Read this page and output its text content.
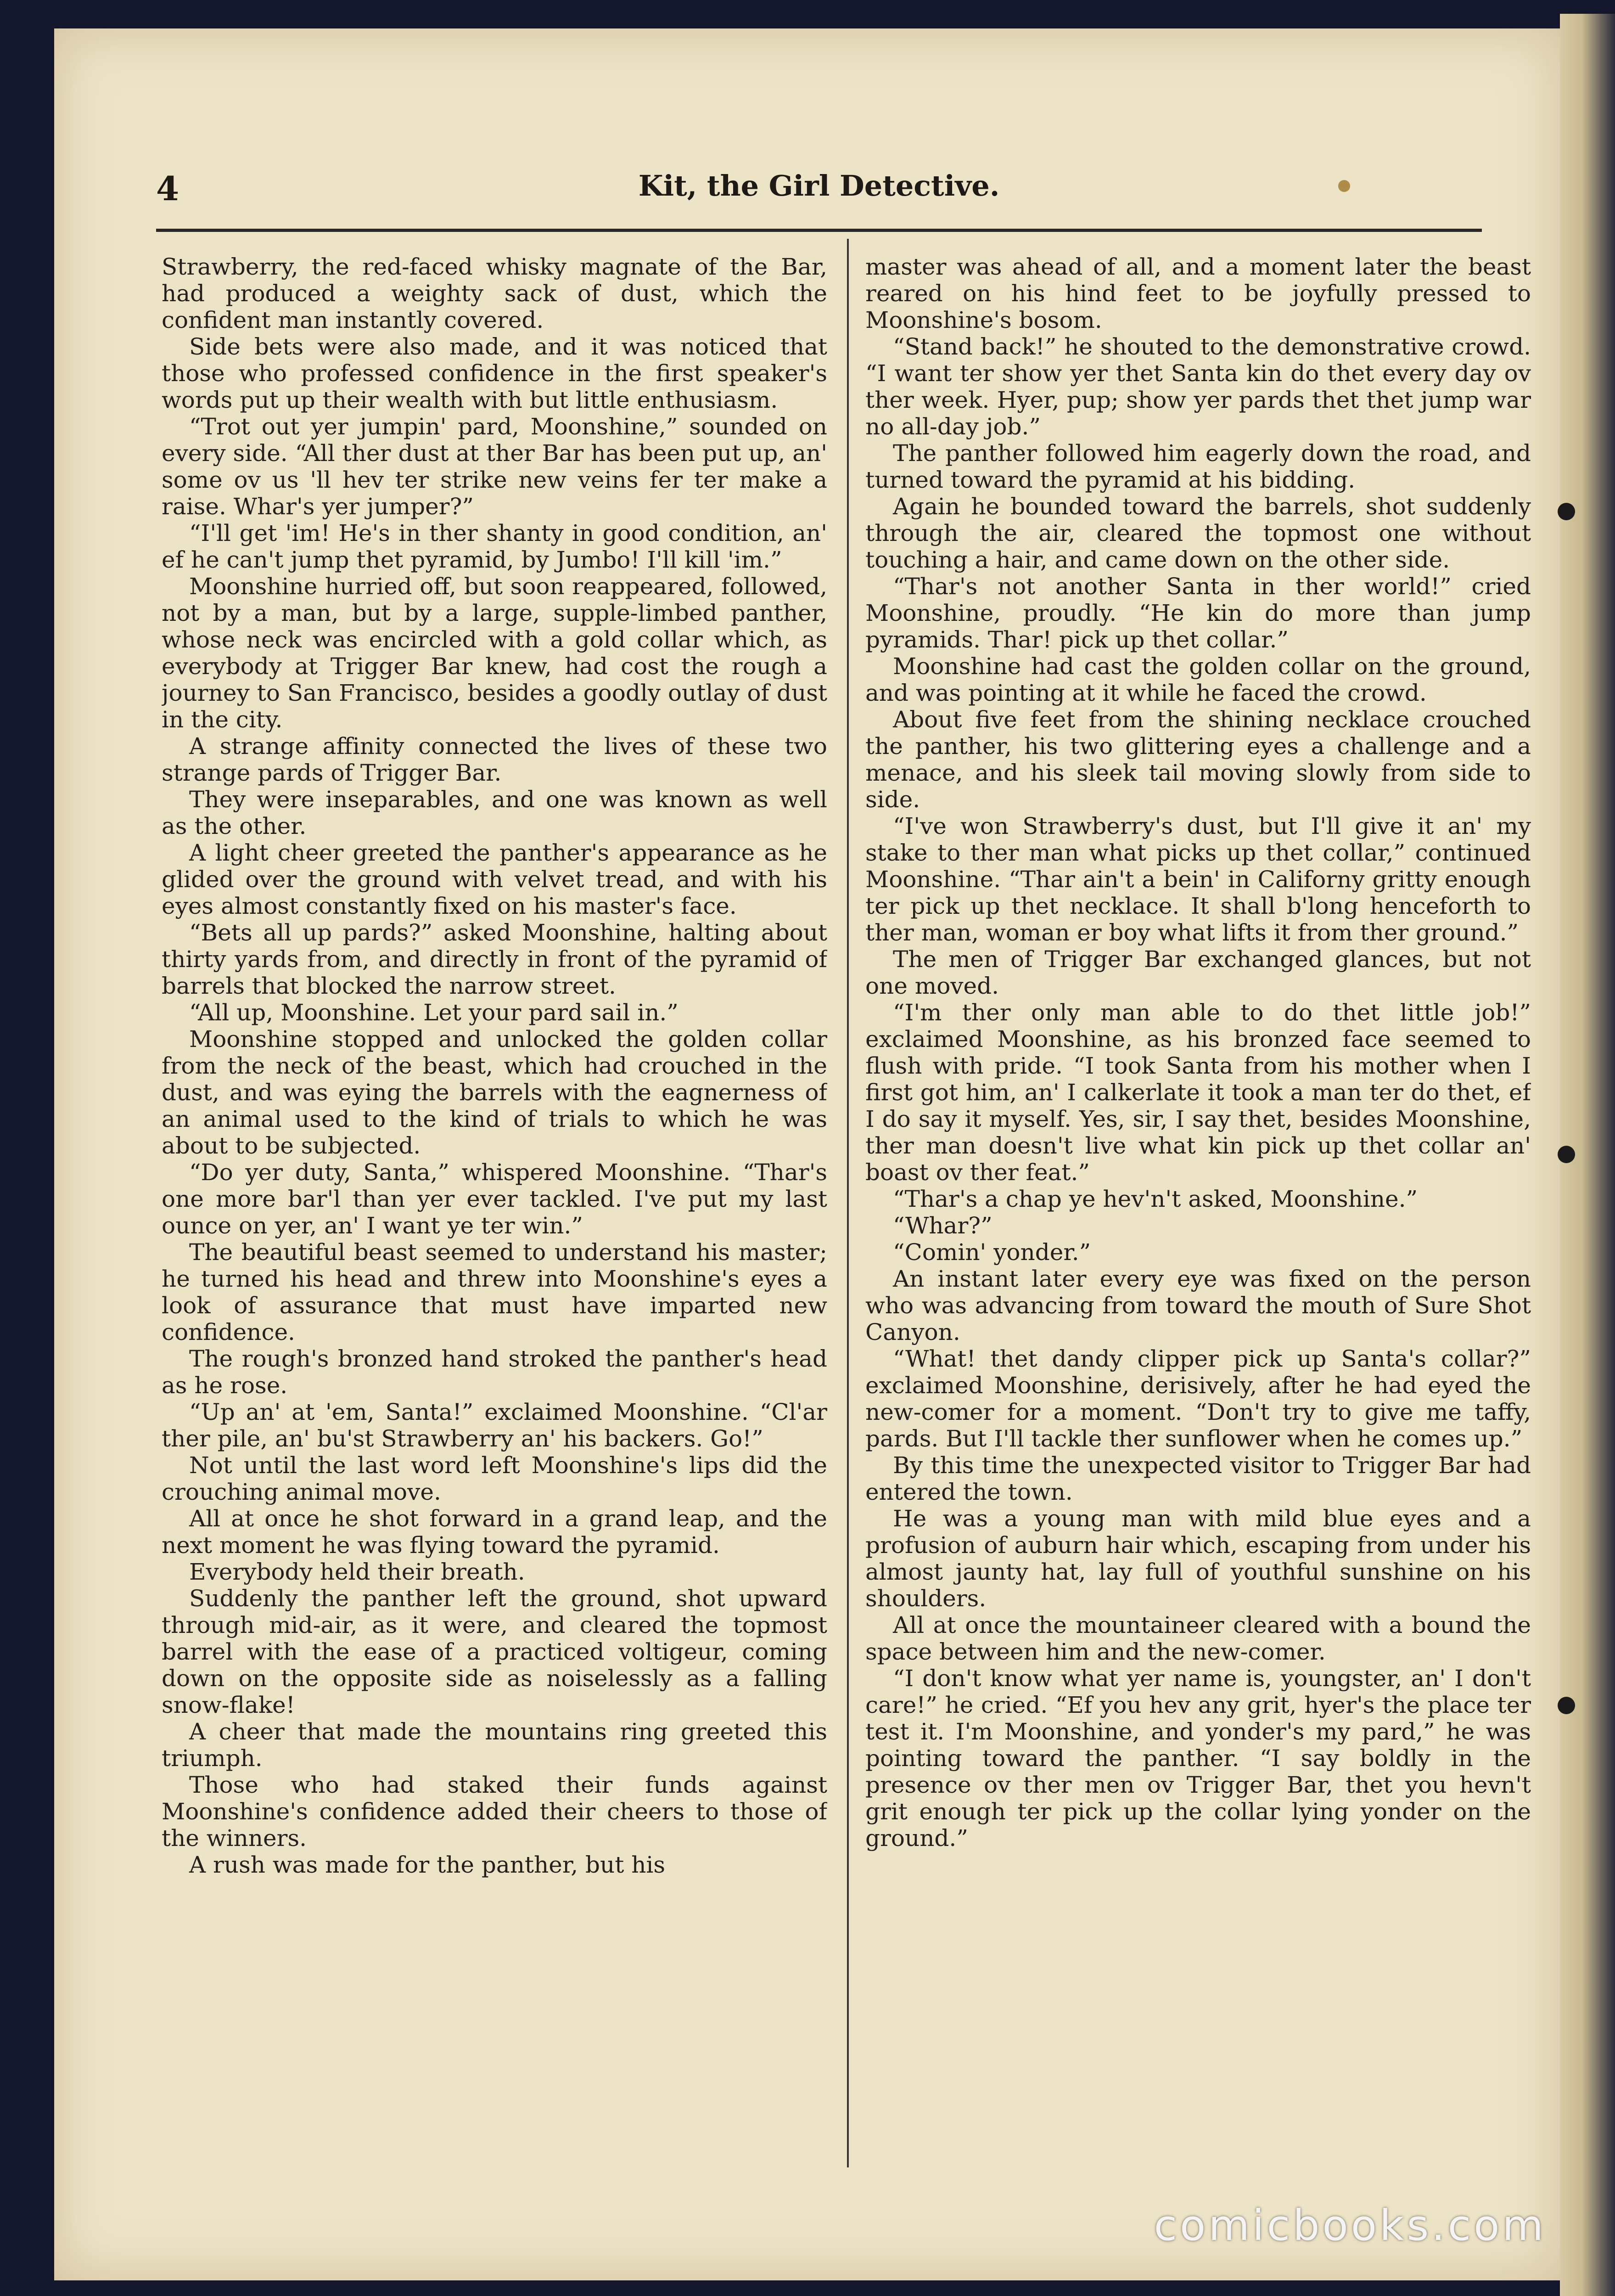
4	Kit, the Girl Detective.

Strawberry, the red-faced whisky magnate of the Bar, had produced a weighty sack of dust, which the confident man instantly covered.

Side bets were also made, and it was noticed that those who professed confidence in the first speaker's words put up their wealth with but little enthusiasm.

“Trot out yer jumpin' pard, Moonshine,” sounded on every side. “All ther dust at ther Bar has been put up, an' some ov us 'll hev ter strike new veins fer ter make a raise. Whar's yer jumper?”

“I'll get 'im! He's in ther shanty in good condition, an' ef he can't jump thet pyramid, by Jumbo! I'll kill 'im.”

Moonshine hurried off, but soon reappeared, followed, not by a man, but by a large, supple-limbed panther, whose neck was encircled with a gold collar which, as everybody at Trigger Bar knew, had cost the rough a journey to San Francisco, besides a goodly outlay of dust in the city.

A strange affinity connected the lives of these two strange pards of Trigger Bar.

They were inseparables, and one was known as well as the other.

A light cheer greeted the panther's appearance as he glided over the ground with velvet tread, and with his eyes almost constantly fixed on his master's face.

“Bets all up pards?” asked Moonshine, halting about thirty yards from, and directly in front of the pyramid of barrels that blocked the narrow street.

“All up, Moonshine. Let your pard sail in.”

Moonshine stopped and unlocked the golden collar from the neck of the beast, which had crouched in the dust, and was eying the barrels with the eagnerness of an animal used to the kind of trials to which he was about to be subjected.

“Do yer duty, Santa,” whispered Moonshine. “Thar's one more bar'l than yer ever tackled. I've put my last ounce on yer, an' I want ye ter win.”

The beautiful beast seemed to understand his master; he turned his head and threw into Moonshine's eyes a look of assurance that must have imparted new confidence.

The rough's bronzed hand stroked the panther's head as he rose.

“Up an' at 'em, Santa!” exclaimed Moonshine. “Cl'ar ther pile, an' bu'st Strawberry an' his backers. Go!”

Not until the last word left Moonshine's lips did the crouching animal move.

All at once he shot forward in a grand leap, and the next moment he was flying toward the pyramid.

Everybody held their breath.

Suddenly the panther left the ground, shot upward through mid-air, as it were, and cleared the topmost barrel with the ease of a practiced voltigeur, coming down on the opposite side as noiselessly as a falling snow-flake!

A cheer that made the mountains ring greeted this triumph.

Those who had staked their funds against Moonshine's confidence added their cheers to those of the winners.

A rush was made for the panther, but his

master was ahead of all, and a moment later the beast reared on his hind feet to be joyfully pressed to Moonshine's bosom.

“Stand back!” he shouted to the demonstrative crowd. “I want ter show yer thet Santa kin do thet every day ov ther week. Hyer, pup; show yer pards thet thet jump war no all-day job.”

The panther followed him eagerly down the road, and turned toward the pyramid at his bidding.

Again he bounded toward the barrels, shot suddenly through the air, cleared the topmost one without touching a hair, and came down on the other side.

“Thar's not another Santa in ther world!” cried Moonshine, proudly. “He kin do more than jump pyramids. Thar! pick up thet collar.”

Moonshine had cast the golden collar on the ground, and was pointing at it while he faced the crowd.

About five feet from the shining necklace crouched the panther, his two glittering eyes a challenge and a menace, and his sleek tail moving slowly from side to side.

“I've won Strawberry's dust, but I'll give it an' my stake to ther man what picks up thet collar,” continued Moonshine. “Thar ain't a bein' in Californy gritty enough ter pick up thet necklace. It shall b'long henceforth to ther man, woman er boy what lifts it from ther ground.”

The men of Trigger Bar exchanged glances, but not one moved.

“I'm ther only man able to do thet little job!” exclaimed Moonshine, as his bronzed face seemed to flush with pride. “I took Santa from his mother when I first got him, an' I calkerlate it took a man ter do thet, ef I do say it myself. Yes, sir, I say thet, besides Moonshine, ther man doesn't live what kin pick up thet collar an' boast ov ther feat.”

“Thar's a chap ye hev'n't asked, Moonshine.”

“Whar?”

“Comin' yonder.”

An instant later every eye was fixed on the person who was advancing from toward the mouth of Sure Shot Canyon.

“What! thet dandy clipper pick up Santa's collar?” exclaimed Moonshine, derisively, after he had eyed the new-comer for a moment. “Don't try to give me taffy, pards. But I'll tackle ther sunflower when he comes up.”

By this time the unexpected visitor to Trigger Bar had entered the town.

He was a young man with mild blue eyes and a profusion of auburn hair which, escaping from under his almost jaunty hat, lay full of youthful sunshine on his shoulders.

All at once the mountaineer cleared with a bound the space between him and the new-comer.

“I don't know what yer name is, youngster, an' I don't care!” he cried. “Ef you hev any grit, hyer's the place ter test it. I'm Moonshine, and yonder's my pard,” he was pointing toward the panther. “I say boldly in the presence ov ther men ov Trigger Bar, thet you hevn't grit enough ter pick up the collar lying yonder on the ground.”

comicbooks.com
